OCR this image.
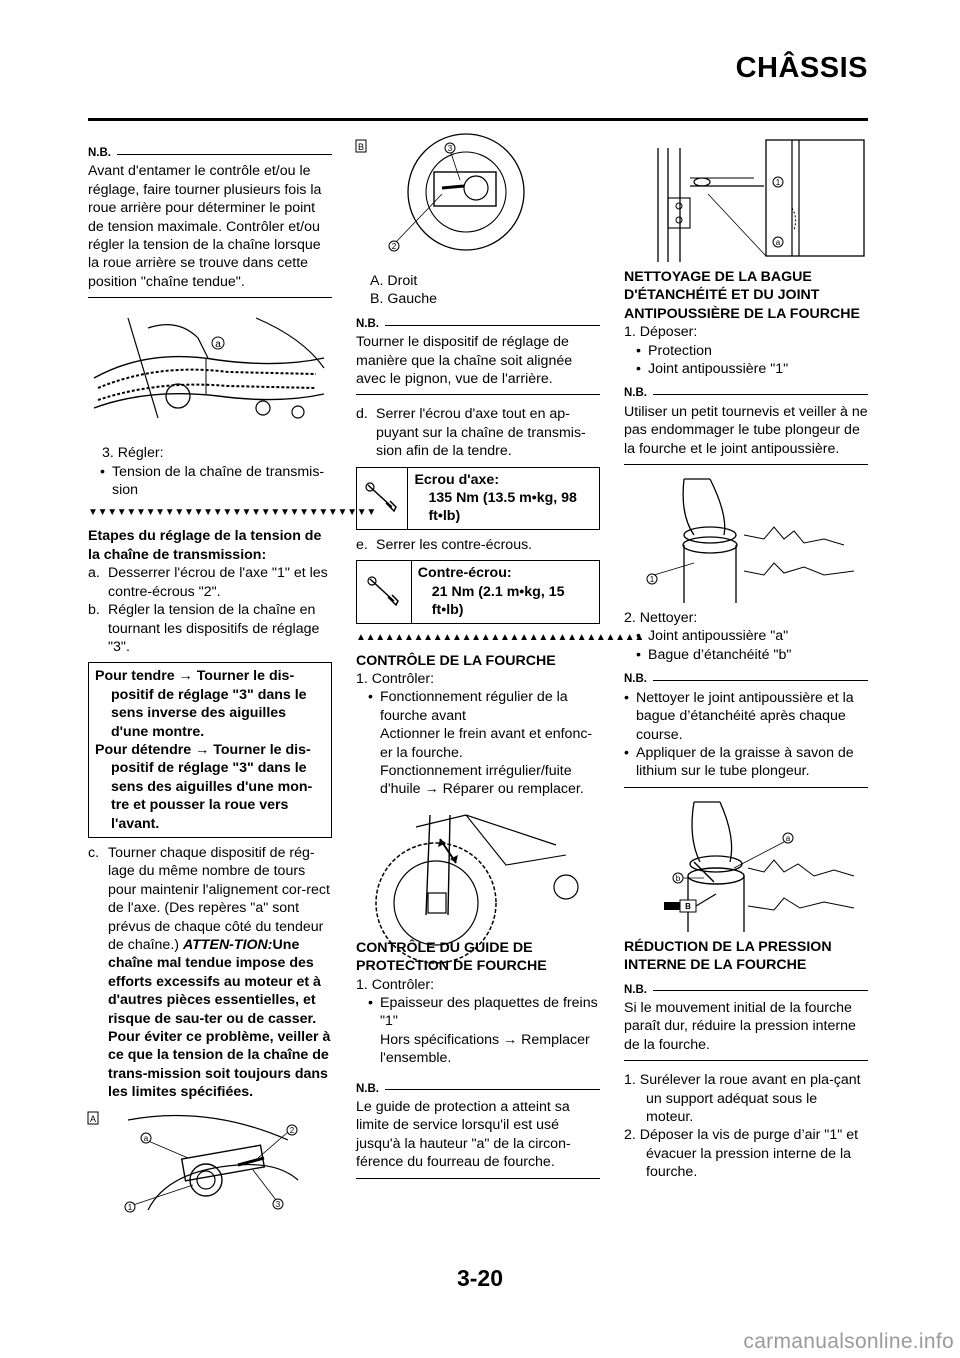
CHÂSSIS
N.B.

Avant d'entamer le contrôle et/ou le réglage, faire tourner plusieurs fois la roue arrière pour déterminer le point de tension maximale. Contrôler et/ou régler la tension de la chaîne lorsque la roue arrière se trouve dans cette position "chaîne tendue".

a
3. Régler:
• Tension de la chaîne de transmis-sion
▼▼▼▼▼▼▼▼▼▼▼▼▼▼▼▼▼▼▼▼▼▼▼▼▼▼▼▼▼▼

Etapes du réglage de la tension de la chaîne de transmission:

a. Desserrer l'écrou de l'axe "1" et les contre-écrous "2".
b. Régler la tension de la chaîne en tournant les dispositifs de réglage "3".

Pour tendre → Tourner le dis-positif de réglage "3" dans le sens inverse des aiguilles d'une montre.

Pour détendre → Tourner le dis-positif de réglage "3" dans le sens des aiguilles d'une mon-tre et pousser la roue vers l'avant.

c. Tourner chaque dispositif de rég-lage du même nombre de tours pour maintenir l'alignement cor-rect de l'axe. (Des repères "a" sont prévus de chaque côté du tendeur de chaîne.) ATTEN-TION:Une chaîne mal tendue impose des efforts excessifs au moteur et à d'autres pièces essentielles, et risque de sau-ter ou de casser. Pour éviter ce problème, veiller à ce que la tension de la chaîne de trans-mission soit toujours dans les limites spécifiées.
A
a
2
1	3
B	3
2

A. Droit

B. Gauche

N.B.

Tourner le dispositif de réglage de manière que la chaîne soit alignée avec le pignon, vue de l'arrière.

d. Serrer l'écrou d'axe tout en ap-puyant sur la chaîne de transmis-sion afin de la tendre.

Ecrou d'axe:

135 Nm (13.5 m•kg, 98 ft•lb)

e. Serrer les contre-écrous.

Contre-écrou:

21 Nm (2.1 m•kg, 15 ft•lb)

▲▲▲▲▲▲▲▲▲▲▲▲▲▲▲▲▲▲▲▲▲▲▲▲▲▲▲▲▲▲

CONTRÔLE DE LA FOURCHE

1. Contrôler:

• Fonctionnement régulier de la fourche avant

Actionner le frein avant et enfonc-er la fourche.

Fonctionnement irrégulier/fuite d'huile → Réparer ou remplacer.

CONTRÔLE DU GUIDE DE PROTECTION DE FOURCHE

1. Contrôler:

• Epaisseur des plaquettes de freins "1"

Hors spécifications → Remplacer l'ensemble.

N.B.

Le guide de protection a atteint sa limite de service lorsqu'il est usé jusqu'à la hauteur "a" de la circon-férence du fourreau de fourche.

1
a

NETTOYAGE DE LA BAGUE D'ÉTANCHÉITÉ ET DU JOINT ANTIPOUSSIÈRE DE LA FOURCHE

1. Déposer:

• Protection
• Joint antipoussière "1"
N.B.

Utiliser un petit tournevis et veiller à ne pas endommager le tube plongeur de la fourche et le joint antipoussière.

1

2. Nettoyer:

• Joint antipoussière "a"
• Bague d’étanchéité "b"
N.B.
• Nettoyer le joint antipoussière et la bague d’étanchéité après chaque course.
• Appliquer de la graisse à savon de lithium sur le tube plongeur.
a
b
B

RÉDUCTION DE LA PRESSION INTERNE DE LA FOURCHE

N.B.

Si le mouvement initial de la fourche paraît dur, réduire la pression interne de la fourche.

1. Surélever la roue avant en pla-çant un support adéquat sous le moteur.

2. Déposer la vis de purge d’air "1" et évacuer la pression interne de la fourche.

3-20
carmanualsonline.info
